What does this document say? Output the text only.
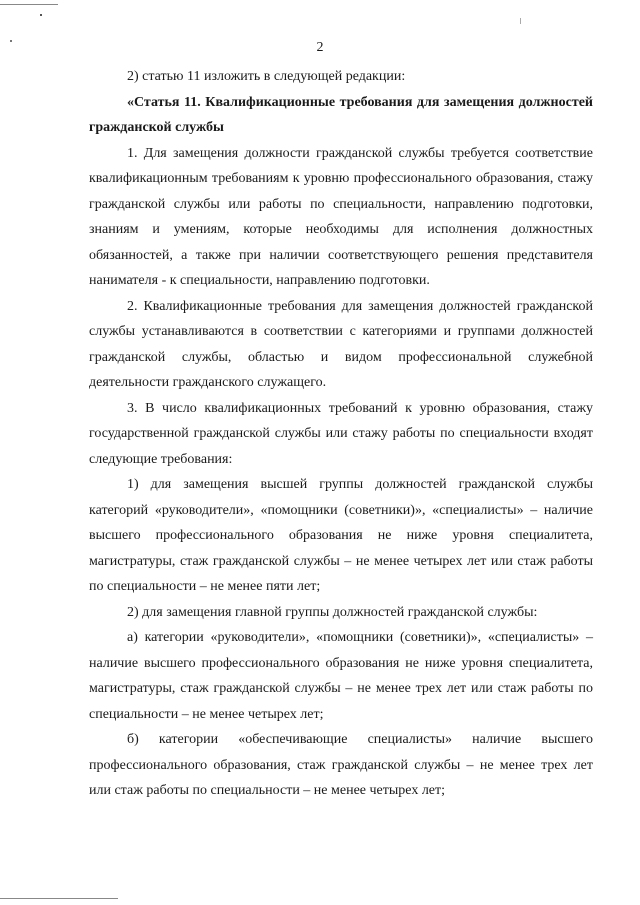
2

2) статью 11 изложить в следующей редакции:

«Статья 11. Квалификационные требования для замещения должностей гражданской службы

1. Для замещения должности гражданской службы требуется соответствие квалификационным требованиям к уровню профессионального образования, стажу гражданской службы или работы по специальности, направлению подготовки, знаниям и умениям, которые необходимы для исполнения должностных обязанностей, а также при наличии соответствующего решения представителя нанимателя - к специальности, направлению подготовки.

2. Квалификационные требования для замещения должностей гражданской службы устанавливаются в соответствии с категориями и группами должностей гражданской службы, областью и видом профессиональной служебной деятельности гражданского служащего.

3. В число квалификационных требований к уровню образования, стажу государственной гражданской службы или стажу работы по специальности входят следующие требования:

1) для замещения высшей группы должностей гражданской службы категорий «руководители», «помощники (советники)», «специалисты» – наличие высшего профессионального образования не ниже уровня специалитета, магистратуры, стаж гражданской службы – не менее четырех лет или стаж работы по специальности – не менее пяти лет;

2) для замещения главной группы должностей гражданской службы:

а) категории «руководители», «помощники (советники)», «специалисты» – наличие высшего профессионального образования не ниже уровня специалитета, магистратуры, стаж гражданской службы – не менее трех лет или стаж работы по специальности – не менее четырех лет;

б) категории «обеспечивающие специалисты» наличие высшего профессионального образования, стаж гражданской службы – не менее трех лет или стаж работы по специальности – не менее четырех лет;
